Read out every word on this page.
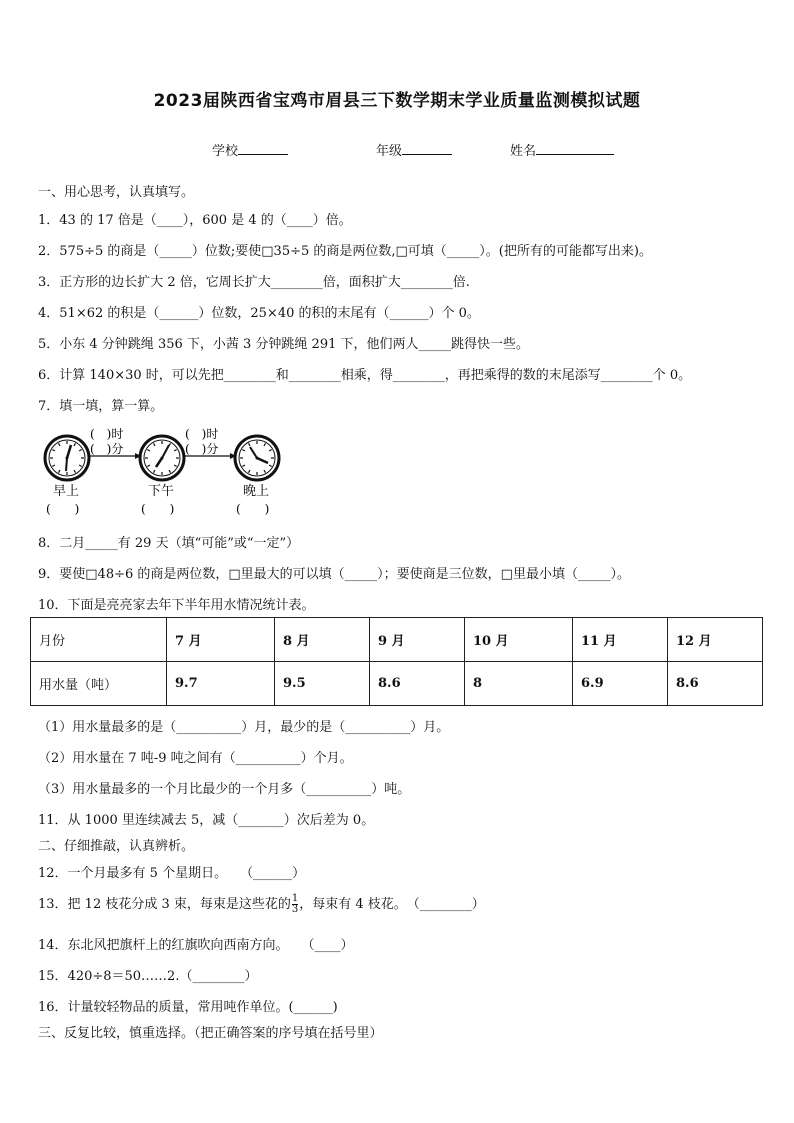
2023届陕西省宝鸡市眉县三下数学期末学业质量监测模拟试题
学校	年级	姓名
一、用心思考，认真填写。
1．43 的 17 倍是（____），600 是 4 的（____）倍。
2．575÷5 的商是（_____）位数;要使□35÷5 的商是两位数,□可填（_____）。(把所有的可能都写出来)。
3．正方形的边长扩大 2 倍，它周长扩大________倍，面积扩大________倍.
4．51×62 的积是（______）位数，25×40 的积的末尾有（______）个 0。
5．小东 4 分钟跳绳 356 下，小茜 3 分钟跳绳 291 下，他们两人_____跳得快一些。
6．计算 140×30 时，可以先把________和________相乘，得________，再把乘得的数的末尾添写________个 0。
7．填一填，算一算。
(　)时
(　)分
(　)时
(　)分
早上	下午	晚上
(　　)	(　　)	(　　)
8．二月_____有 29 天（填“可能”或“一定”）
9．要使□48÷6 的商是两位数，□里最大的可以填（_____）；要使商是三位数，□里最小填（_____）。
10．下面是亮亮家去年下半年用水情况统计表。
月份	7 月	8 月	9 月	10 月	11 月	12 月
用水量（吨）	9.7	9.5	8.6	8	6.9	8.6
（1）用水量最多的是（__________）月，最少的是（__________）月。
（2）用水量在 7 吨-9 吨之间有（__________）个月。
（3）用水量最多的一个月比最少的一个月多（__________）吨。
11．从 1000 里连续减去 5，减（_______）次后差为 0。
二、仔细推敲，认真辨析。
12．一个月最多有 5 个星期日。　　（______）
13．把 12 枝花分成 3 束，每束是这些花的 $\frac{1}{3}$ ，每束有 4 枝花。　（________）
14．东北风把旗杆上的红旗吹向西南方向。　　（____）
15．420÷8＝50……2.（________）
16．计量较轻物品的质量，常用吨作单位。(______)
三、反复比较，慎重选择。（把正确答案的序号填在括号里）
